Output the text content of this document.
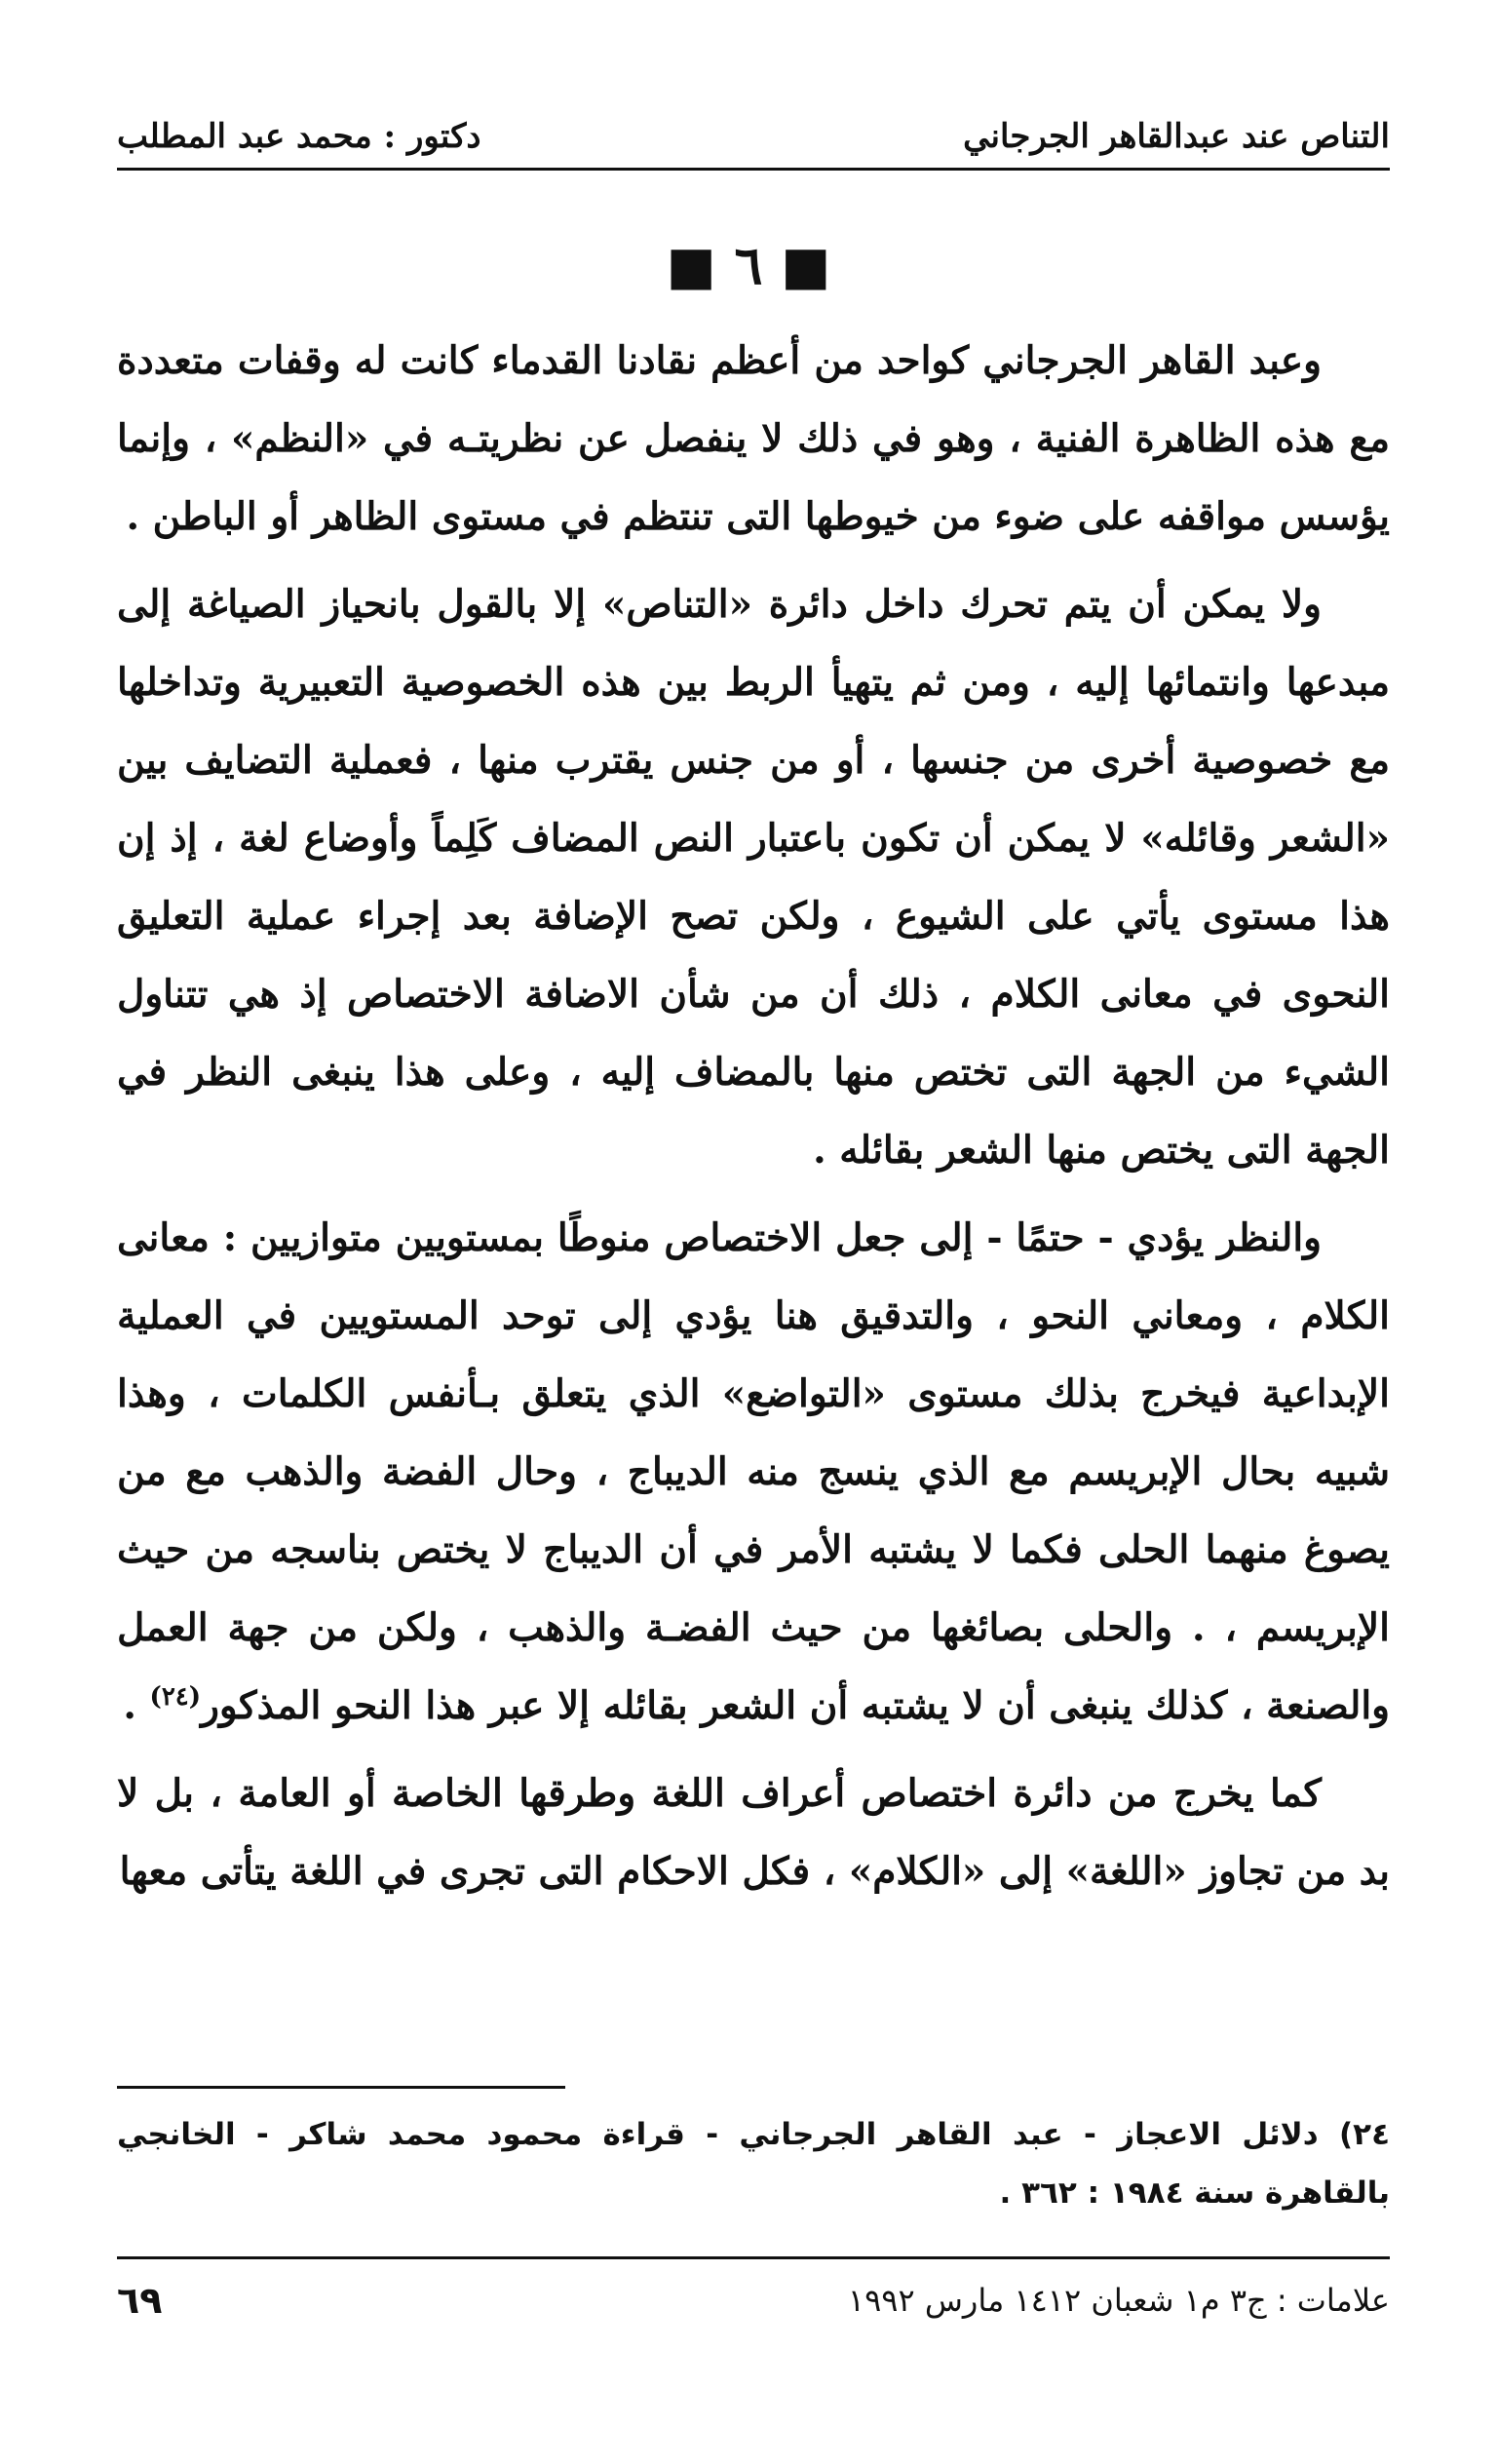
التناص عند عبدالقاهر الجرجاني
دكتور : محمد عبد المطلب
■ ٦ ■

وعبد القاهر الجرجاني كواحد من أعظم نقادنا القدماء كانت له وقفات متعددة مع هذه الظاهرة الفنية ، وهو في ذلك لا ينفصل عن نظريتـه في «النظم» ، وإنما يؤسس مواقفه على ضوء من خيوطها التى تنتظم في مستوى الظاهر أو الباطن .

ولا يمكن أن يتم تحرك داخل دائرة «التناص» إلا بالقول بانحياز الصياغة إلى مبدعها وانتمائها إليه ، ومن ثم يتهيأ الربط بين هذه الخصوصية التعبيرية وتداخلها مع خصوصية أخرى من جنسها ، أو من جنس يقترب منها ، فعملية التضايف بين «الشعر وقائله» لا يمكن أن تكون باعتبار النص المضاف كَلِماً وأوضاع لغة ، إذ إن هذا مستوى يأتي على الشيوع ، ولكن تصح الإضافة بعد إجراء عملية التعليق النحوى في معانى الكلام ، ذلك أن من شأن الاضافة الاختصاص إذ هي تتناول الشيء من الجهة التى تختص منها بالمضاف إليه ، وعلى هذا ينبغى النظر في الجهة التى يختص منها الشعر بقائله .

والنظر يؤدي - حتمًا - إلى جعل الاختصاص منوطًا بمستويين متوازيين : معانى الكلام ، ومعاني النحو ، والتدقيق هنا يؤدي إلى توحد المستويين في العملية الإبداعية فيخرج بذلك مستوى «التواضع» الذي يتعلق بـأنفس الكلمات ، وهذا شبيه بحال الإبريسم مع الذي ينسج منه الديباج ، وحال الفضة والذهب مع من يصوغ منهما الحلى فكما لا يشتبه الأمر في أن الديباج لا يختص بناسجه من حيث الإبريسم ، . والحلى بصائغها من حيث الفضـة والذهب ، ولكن من جهة العمل والصنعة ، كذلك ينبغى أن لا يشتبه أن الشعر بقائله إلا عبر هذا النحو المذكور$^{(٢٤)}$ .

كما يخرج من دائرة اختصاص أعراف اللغة وطرقها الخاصة أو العامة ، بل لا بد من تجاوز «اللغة» إلى «الكلام» ، فكل الاحكام التى تجرى في اللغة يتأتى معها

٢٤) دلائل الاعجاز - عبد القاهر الجرجاني - قراءة محمود محمد شاكر - الخانجي بالقاهرة سنة ١٩٨٤ : ٣٦٢ .
علامات : ج٣ م١ شعبان ١٤١٢ مارس ١٩٩٢
٦٩
